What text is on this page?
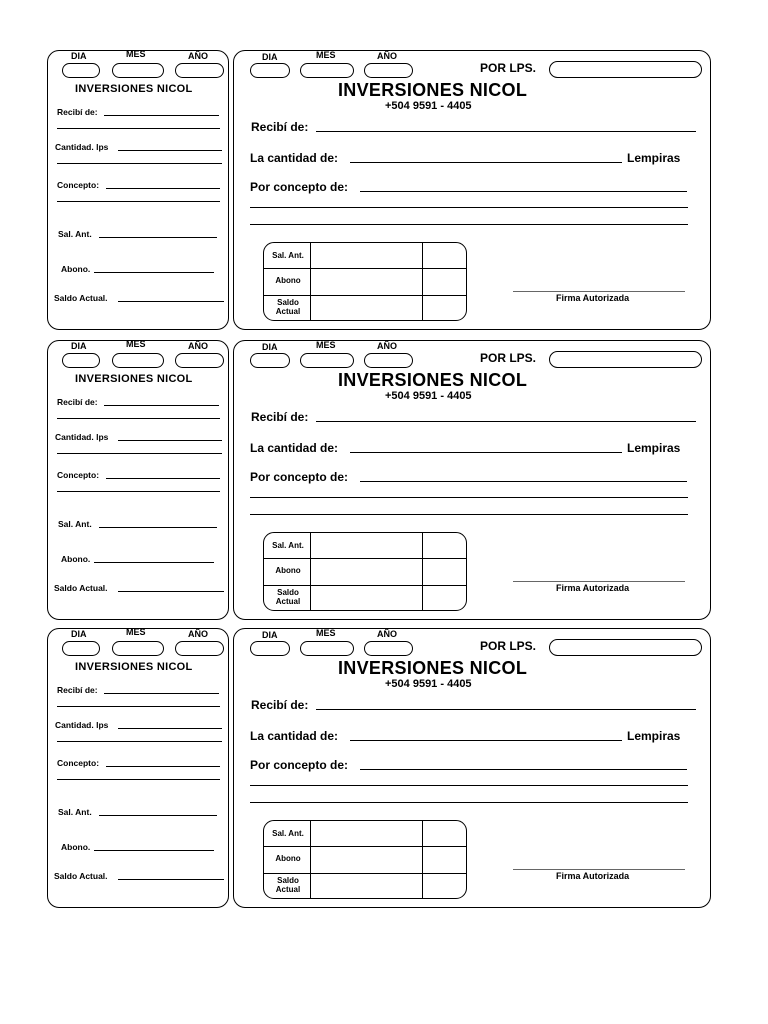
DIA	MES	AÑO
INVERSIONES NICOL
Recibí de:
Cantidad. lps
Concepto:
Sal. Ant.
Abono.
Saldo Actual.
DIA	MES	AÑO
POR LPS.
INVERSIONES NICOL
+504 9591 - 4405
Recibí de:
La cantidad de:	Lempiras
Por concepto de:
Sal. Ant.
Abono
Saldo Actual
Firma Autorizada
DIA	MES	AÑO
INVERSIONES NICOL
Recibí de:
Cantidad. lps
Concepto:
Sal. Ant.
Abono.
Saldo Actual.
DIA	MES	AÑO
POR LPS.
INVERSIONES NICOL
+504 9591 - 4405
Recibí de:
La cantidad de:	Lempiras
Por concepto de:
Sal. Ant.
Abono
Saldo Actual
Firma Autorizada
DIA	MES	AÑO
INVERSIONES NICOL
Recibí de:
Cantidad. lps
Concepto:
Sal. Ant.
Abono.
Saldo Actual.
DIA	MES	AÑO
POR LPS.
INVERSIONES NICOL
+504 9591 - 4405
Recibí de:
La cantidad de:	Lempiras
Por concepto de:
Sal. Ant.
Abono
Saldo Actual
Firma Autorizada
